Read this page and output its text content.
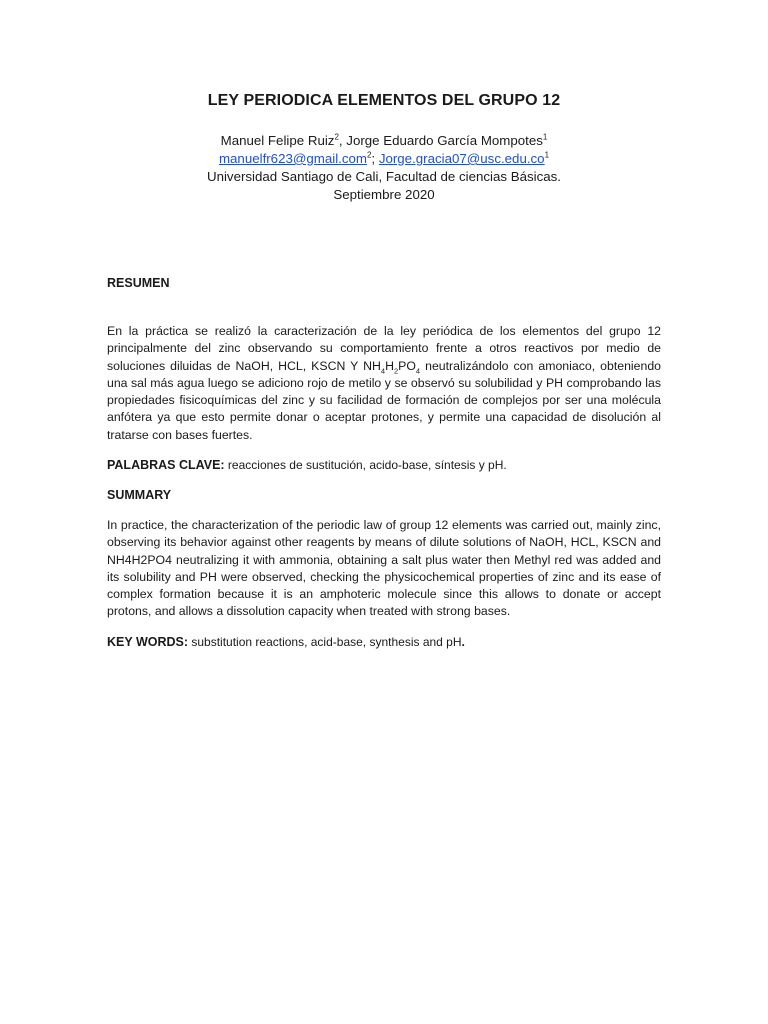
LEY PERIODICA ELEMENTOS DEL GRUPO 12
Manuel Felipe Ruiz$^2$, Jorge Eduardo García Mompotes$^1$
manuelfr623@gmail.com$^2$; $Jorge.gracia07@usc.edu.co^1$
Universidad Santiago de Cali, Facultad de ciencias Básicas.
Septiembre 2020
RESUMEN
En la práctica se realizó la caracterización de la ley periódica de los elementos del grupo 12 principalmente del zinc observando su comportamiento frente a otros reactivos por medio de soluciones diluidas de NaOH, HCL, KSCN Y $NH_4H_2PO_4$ neutralizándolo con amoniaco, obteniendo una sal más agua luego se adiciono rojo de metilo y se observó su solubilidad y PH comprobando las propiedades fisicoquímicas del zinc y su facilidad de formación de complejos por ser una molécula anfótera ya que esto permite donar o aceptar protones, y permite una capacidad de disolución al tratarse con bases fuertes.
PALABRAS CLAVE: reacciones de sustitución, acido-base, síntesis y pH.
SUMMARY
In practice, the characterization of the periodic law of group 12 elements was carried out, mainly zinc, observing its behavior against other reagents by means of dilute solutions of NaOH, HCL, KSCN and NH4H2PO4 neutralizing it with ammonia, obtaining a salt plus water then Methyl red was added and its solubility and PH were observed, checking the physicochemical properties of zinc and its ease of complex formation because it is an amphoteric molecule since this allows to donate or accept protons, and allows a dissolution capacity when treated with strong bases.
KEY WORDS: substitution reactions, acid-base, synthesis and pH.
